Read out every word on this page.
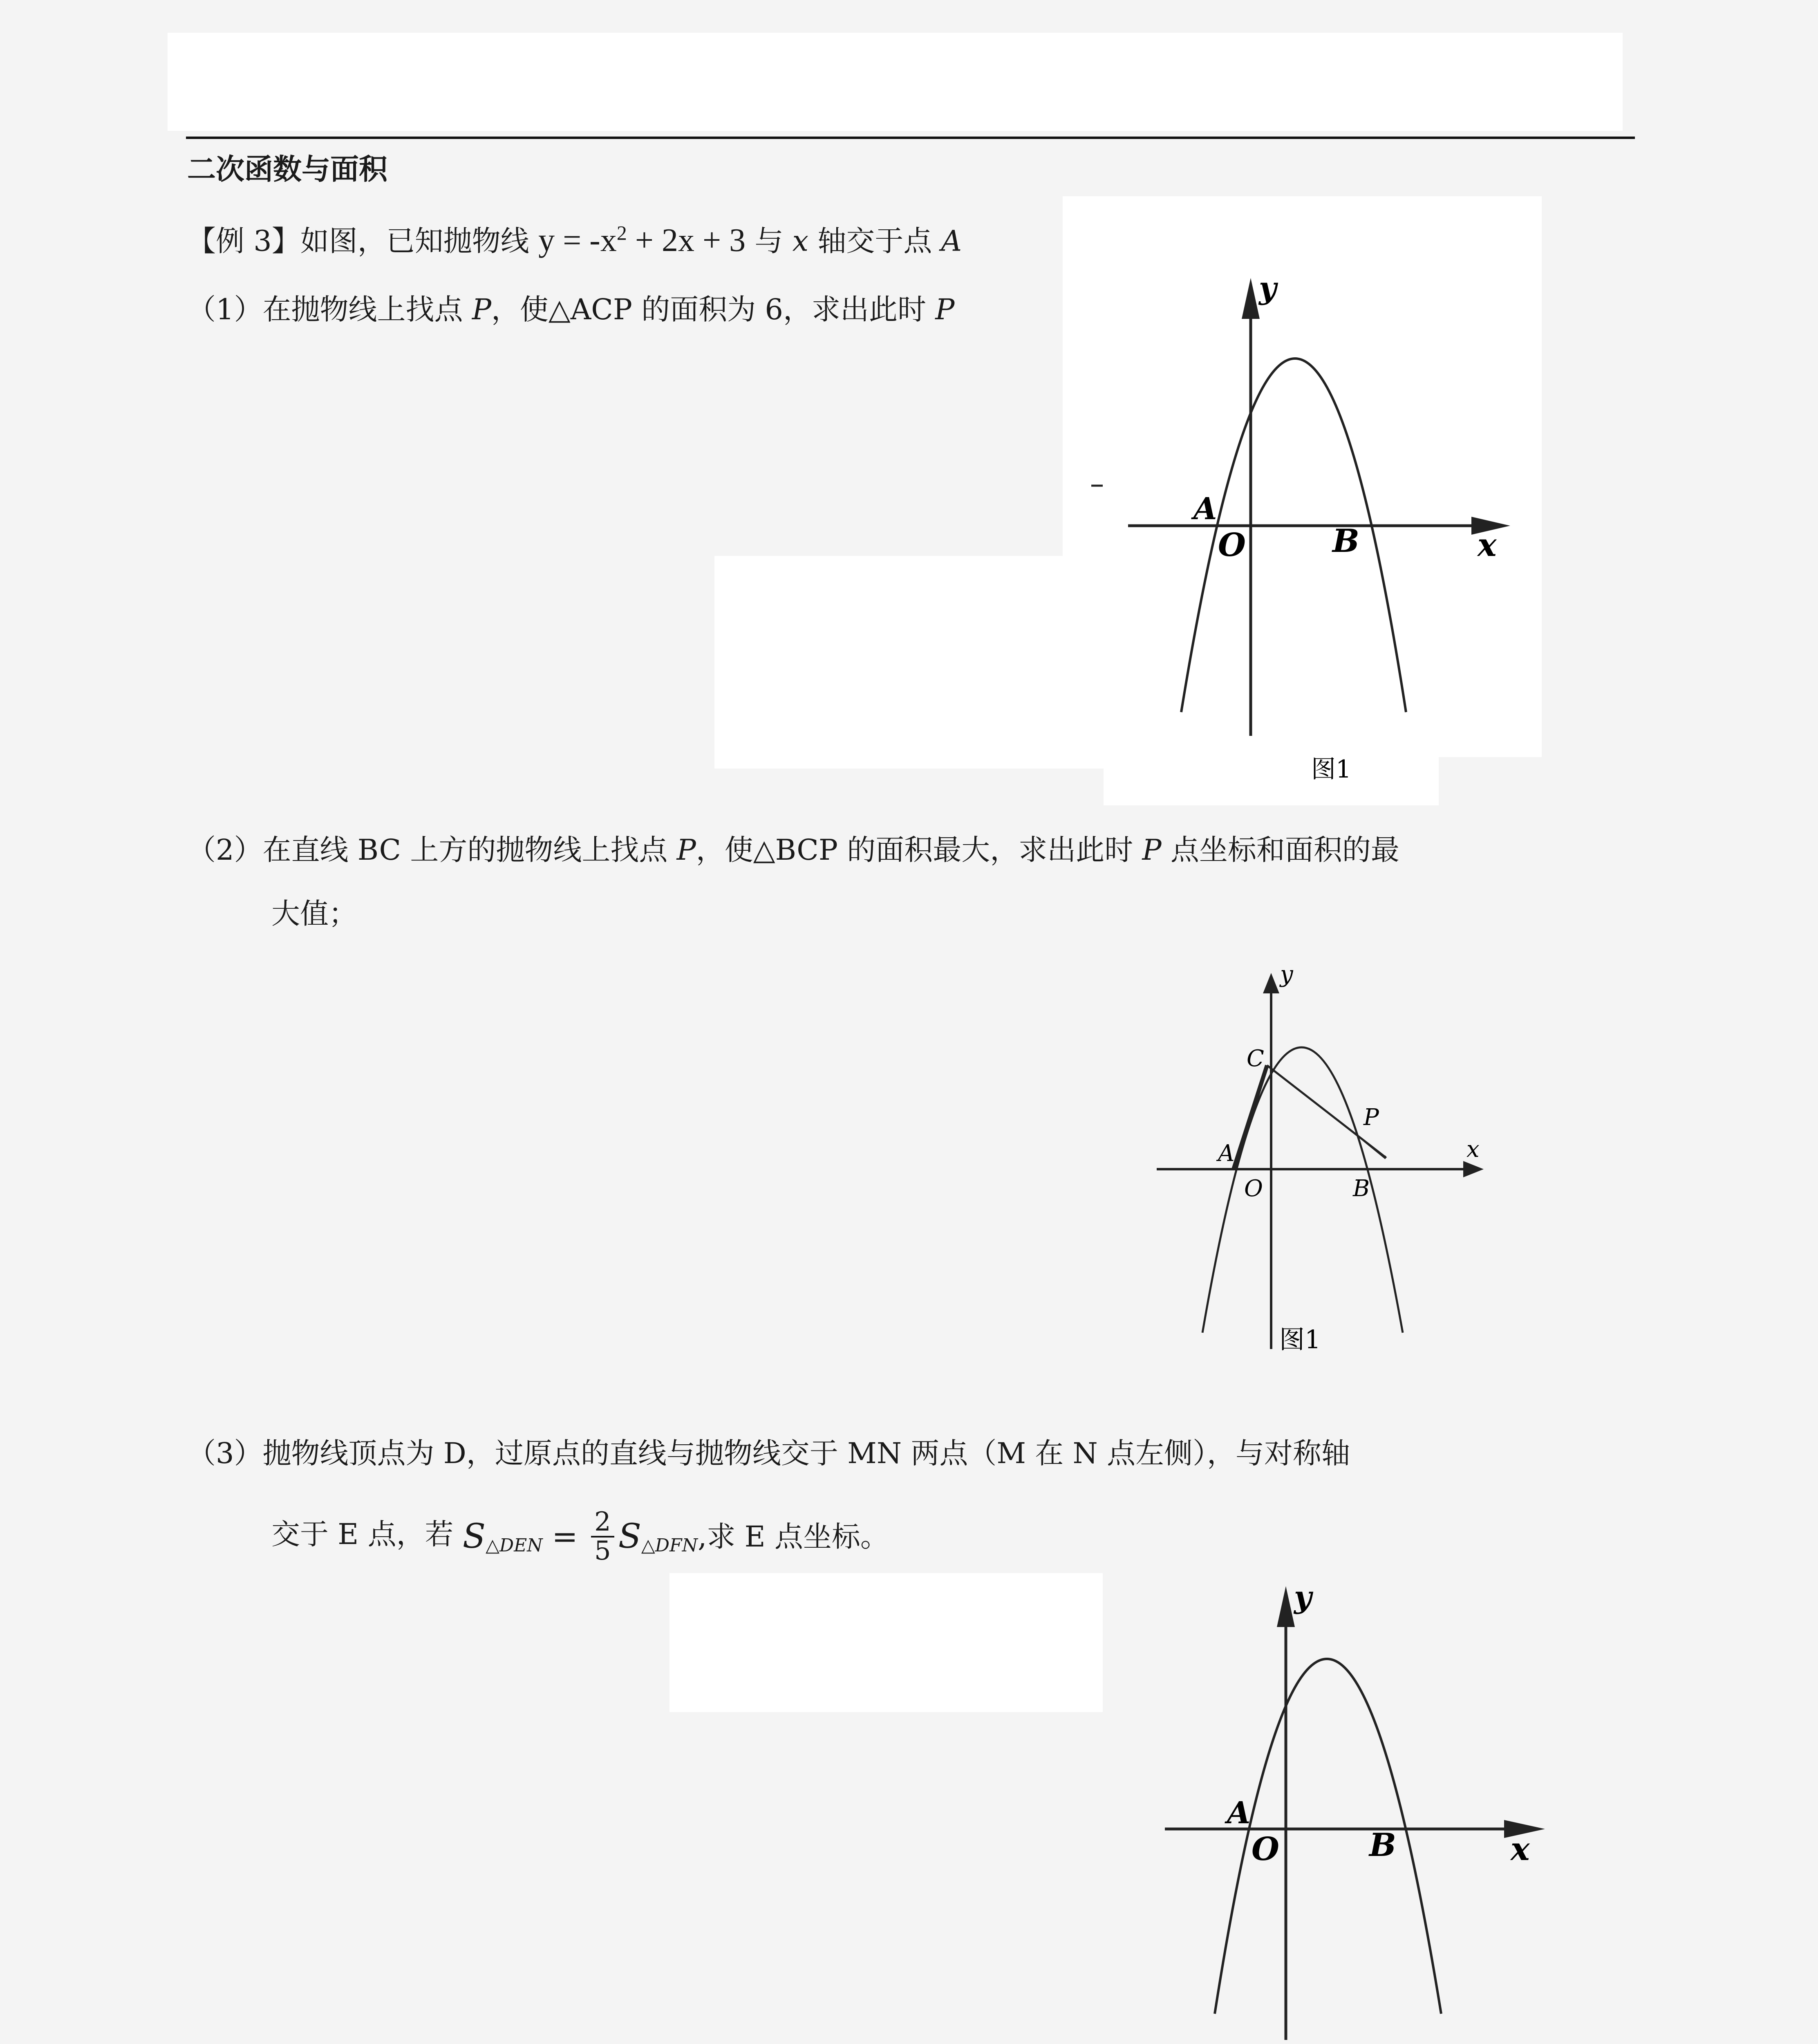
二次函数与面积
【例 3】如图，已知抛物线 $y = -x^2 + 2x + 3$ 与 x 轴交于点 A
（1）在抛物线上找点 P，使△ACP 的面积为 6，求出此时 P
y
x
A
O	B
图1
（2）在直线 BC 上方的抛物线上找点 P，使△BCP 的面积最大，求出此时 P 点坐标和面积的最
大值；
y
x
C
P
A
O	B
图1
（3）抛物线顶点为 D，过原点的直线与抛物线交于 MN 两点（M 在 N 点左侧），与对称轴
交于 E 点，若 $S_{\triangle DEN} = \frac{2}{5} S_{\triangle DFN}$,求 E 点坐标。
y
x
A
O	B
